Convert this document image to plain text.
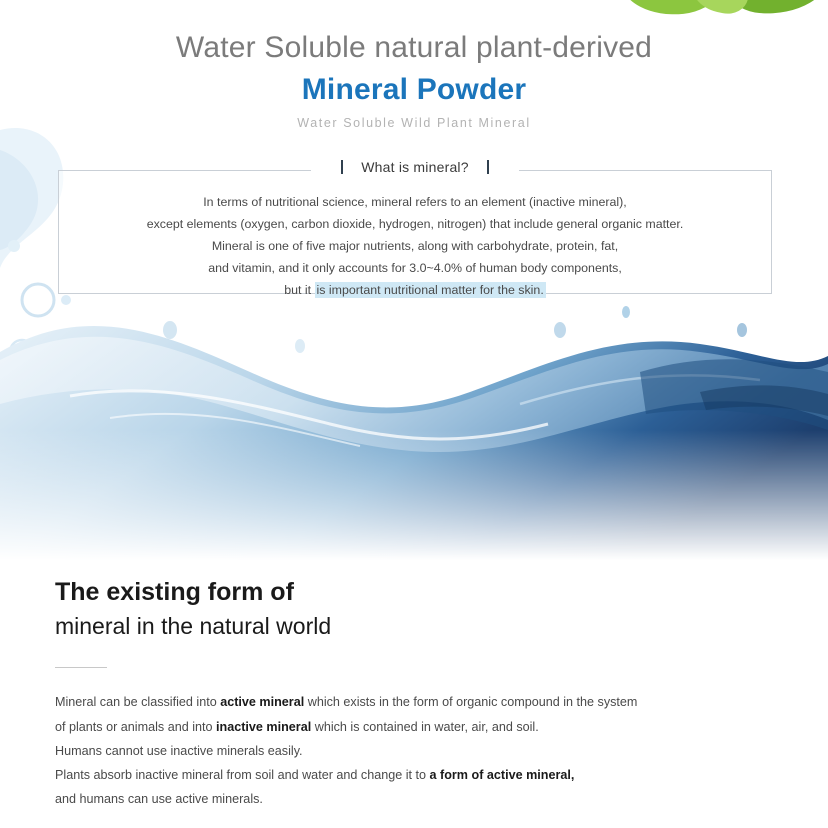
Water Soluble natural plant-derived
Mineral Powder
Water Soluble Wild Plant Mineral
What is mineral?
In terms of nutritional science, mineral refers to an element (inactive mineral),
except elements (oxygen, carbon dioxide, hydrogen, nitrogen) that include general organic matter.
Mineral is one of five major nutrients, along with carbohydrate, protein, fat,
and vitamin, and it only accounts for 3.0~4.0% of human body components,
but it is important nutritional matter for the skin.
The existing form of
mineral in the natural world
Mineral can be classified into active mineral which exists in the form of organic compound in the system
of plants or animals and into inactive mineral which is contained in water, air, and soil.
Humans cannot use inactive minerals easily.
Plants absorb inactive mineral from soil and water and change it to a form of active mineral,
and humans can use active minerals.
